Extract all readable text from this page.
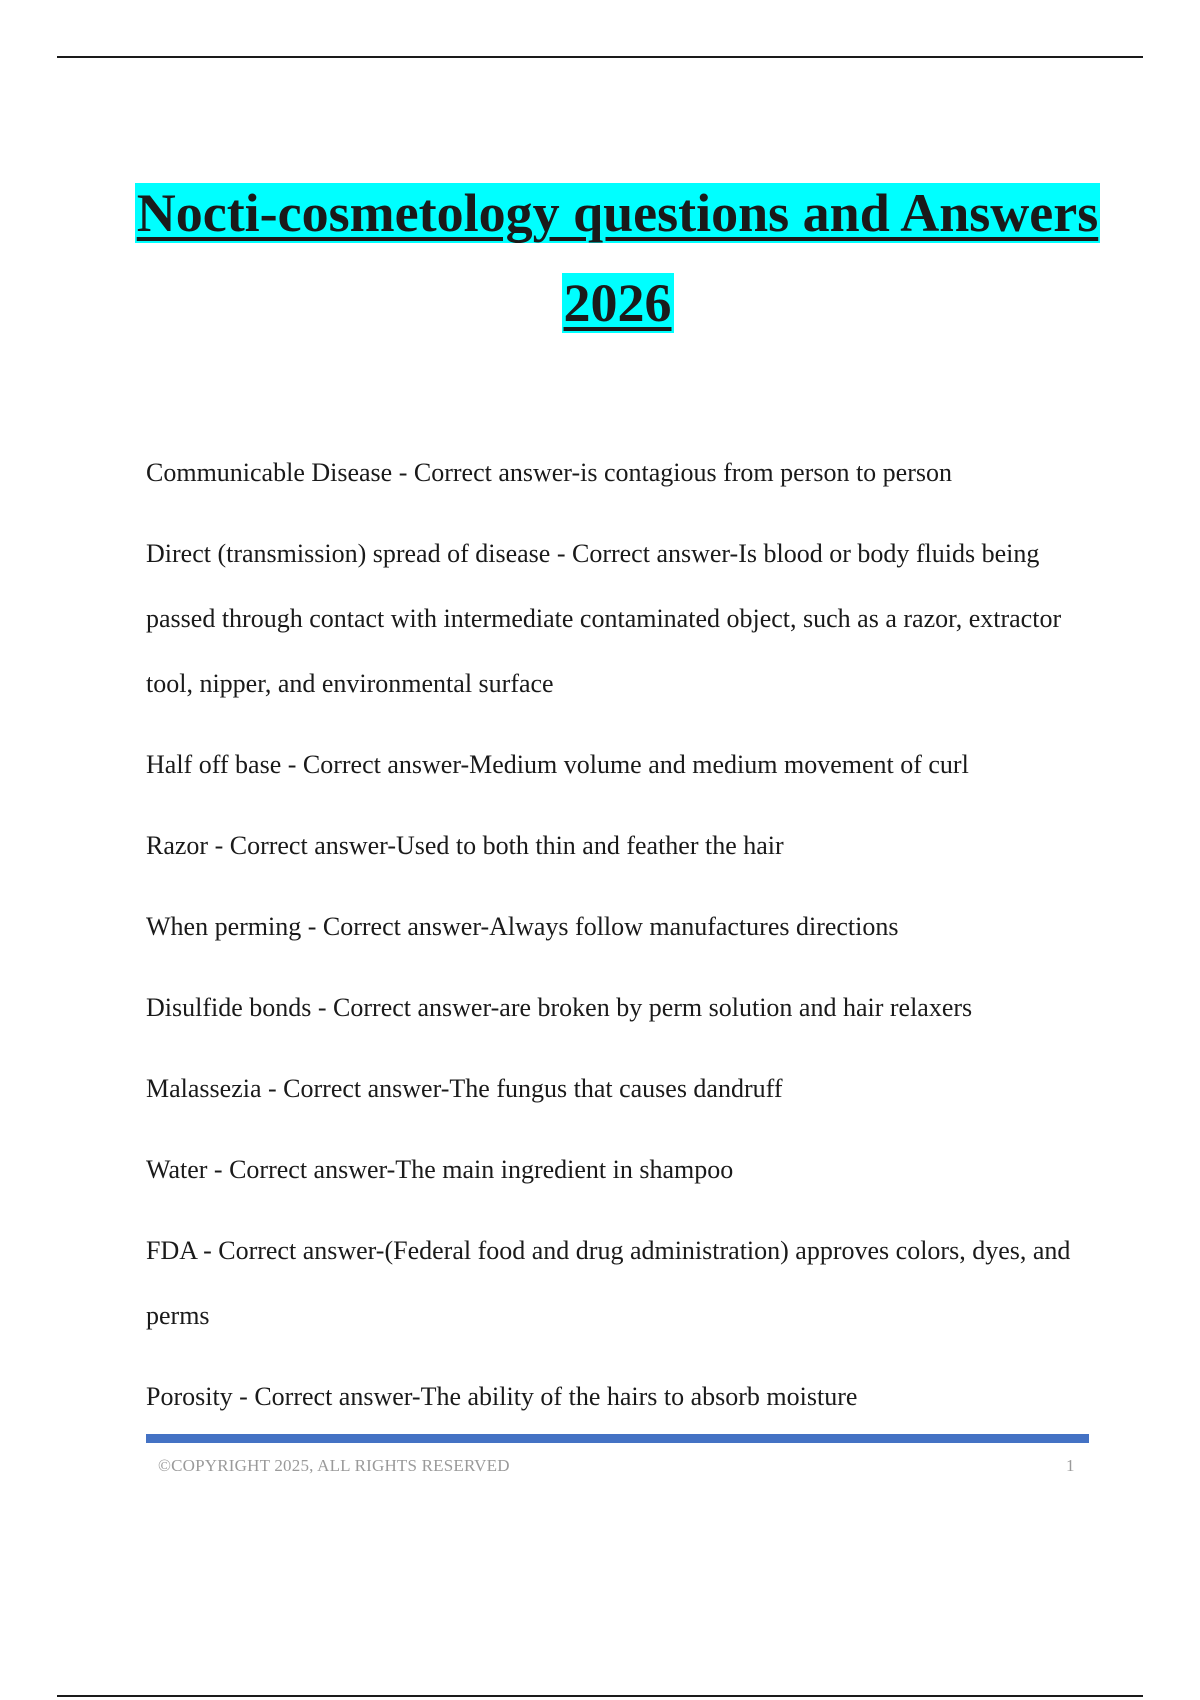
Nocti-cosmetology questions and Answers
2026
Communicable Disease - Correct answer-is contagious from person to person
Direct (transmission) spread of disease - Correct answer-Is blood or body fluids being passed through contact with intermediate contaminated object, such as a razor, extractor tool, nipper, and environmental surface
Half off base - Correct answer-Medium volume and medium movement of curl
Razor - Correct answer-Used to both thin and feather the hair
When perming - Correct answer-Always follow manufactures directions
Disulfide bonds - Correct answer-are broken by perm solution and hair relaxers
Malassezia - Correct answer-The fungus that causes dandruff
Water - Correct answer-The main ingredient in shampoo
FDA - Correct answer-(Federal food and drug administration) approves colors, dyes, and perms
Porosity - Correct answer-The ability of the hairs to absorb moisture
©COPYRIGHT 2025, ALL RIGHTS RESERVED	1
